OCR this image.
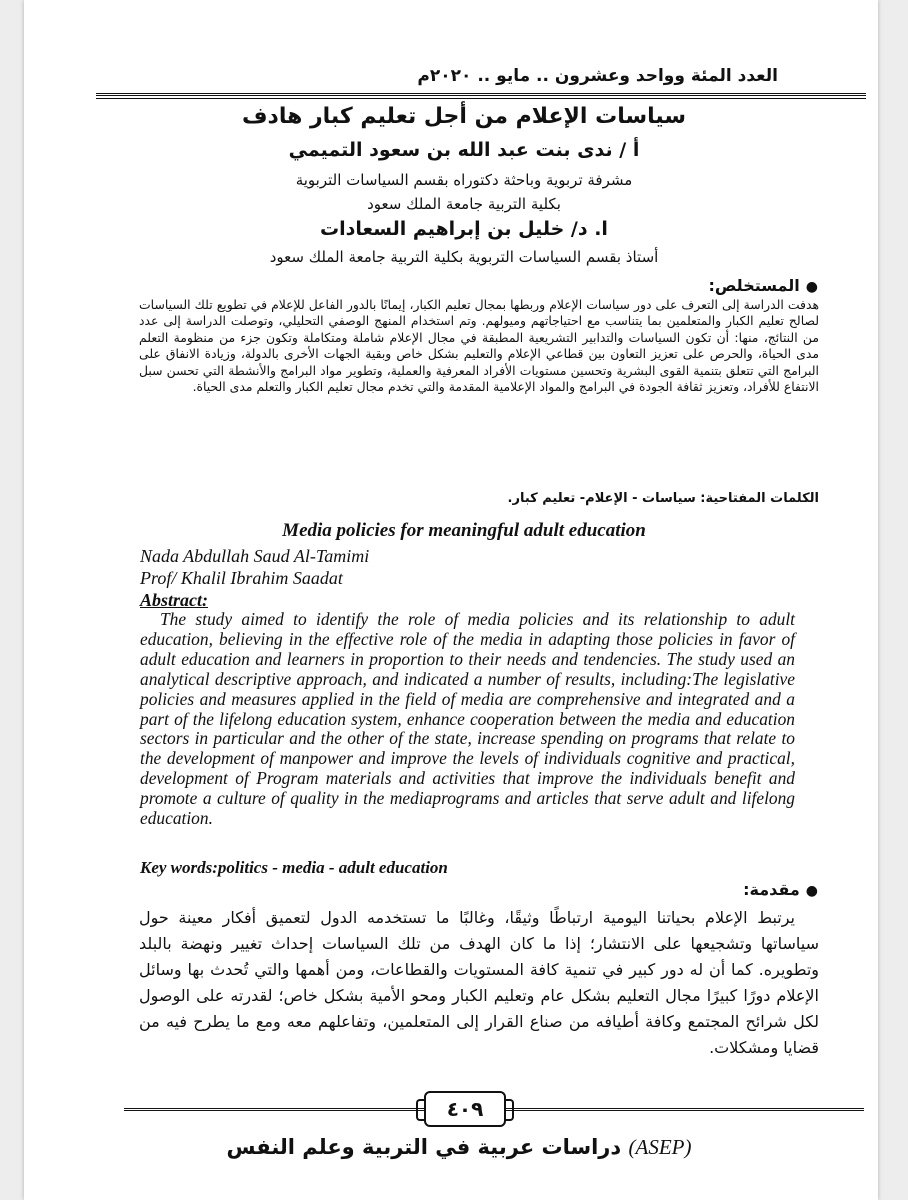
العدد المئة وواحد وعشرون .. مايو .. ٢٠٢٠م
سياسات الإعلام من أجل تعليم كبار هادف
أ / ندى بنت عبد الله بن سعود التميمي
مشرفة تربوية وباحثة دكتوراه بقسم السياسات التربوية
بكلية التربية جامعة الملك سعود
ا. د/ خليل بن إبراهيم السعادات
أستاذ بقسم السياسات التربوية بكلية التربية جامعة الملك سعود
●المستخلص:
هدفت الدراسة إلى التعرف على دور سياسات الإعلام وربطها بمجال تعليم الكبار، إيمانًا بالدور الفاعل للإعلام في تطويع تلك السياسات لصالح تعليم الكبار والمتعلمين بما يتناسب مع احتياجاتهم وميولهم. وتم استخدام المنهج الوصفي التحليلي، وتوصلت الدراسة إلى عدد من النتائج، منها: أن تكون السياسات والتدابير التشريعية المطبقة في مجال الإعلام شاملة ومتكاملة وتكون جزء من منظومة التعلم مدى الحياة، والحرص على تعزيز التعاون بين قطاعي الإعلام والتعليم بشكل خاص وبقية الجهات الأخرى بالدولة، وزيادة الانفاق على البرامج التي تتعلق بتنمية القوى البشرية وتحسين مستويات الأفراد المعرفية والعملية، وتطوير مواد البرامج والأنشطة التي تحسن سبل الانتفاع للأفراد، وتعزيز ثقافة الجودة في البرامج والمواد الإعلامية المقدمة والتي تخدم مجال تعليم الكبار والتعلم مدى الحياة.
الكلمات المفتاحية: سياسات - الإعلام- تعليم كبار.
Media policies for meaningful adult education
Nada Abdullah Saud Al-Tamimi
Prof/ Khalil Ibrahim Saadat
Abstract:
The study aimed to identify the role of media policies and its relationship to adult education, believing in the effective role of the media in adapting those policies in favor of adult education and learners in proportion to their needs and tendencies. The study used an analytical descriptive approach, and indicated a number of results, including:The legislative policies and measures applied in the field of media are comprehensive and integrated and a part of the lifelong education system, enhance cooperation between the media and education sectors in particular and the other of the state, increase spending on programs that relate to the development of manpower and improve the levels of individuals cognitive and practical, development of Program materials and activities that improve the individuals benefit and promote a culture of quality in the mediaprograms and articles that serve adult and lifelong education.
Key words:politics - media - adult education
●مقدمة:
يرتبط الإعلام بحياتنا اليومية ارتباطًا وثيقًا، وغالبًا ما تستخدمه الدول لتعميق أفكار معينة حول سياساتها وتشجيعها على الانتشار؛ إذا ما كان الهدف من تلك السياسات إحداث تغيير ونهضة بالبلد وتطويره. كما أن له دور كبير في تنمية كافة المستويات والقطاعات، ومن أهمها والتي تُحدث بها وسائل الإعلام دورًا كبيرًا مجال التعليم بشكل عام وتعليم الكبار ومحو الأمية بشكل خاص؛ لقدرته على الوصول لكل شرائح المجتمع وكافة أطيافه من صناع القرار إلى المتعلمين، وتفاعلهم معه ومع ما يطرح فيه من قضايا ومشكلات.
٤٠٩
دراسات عربية في التربية وعلم النفس (ASEP)
